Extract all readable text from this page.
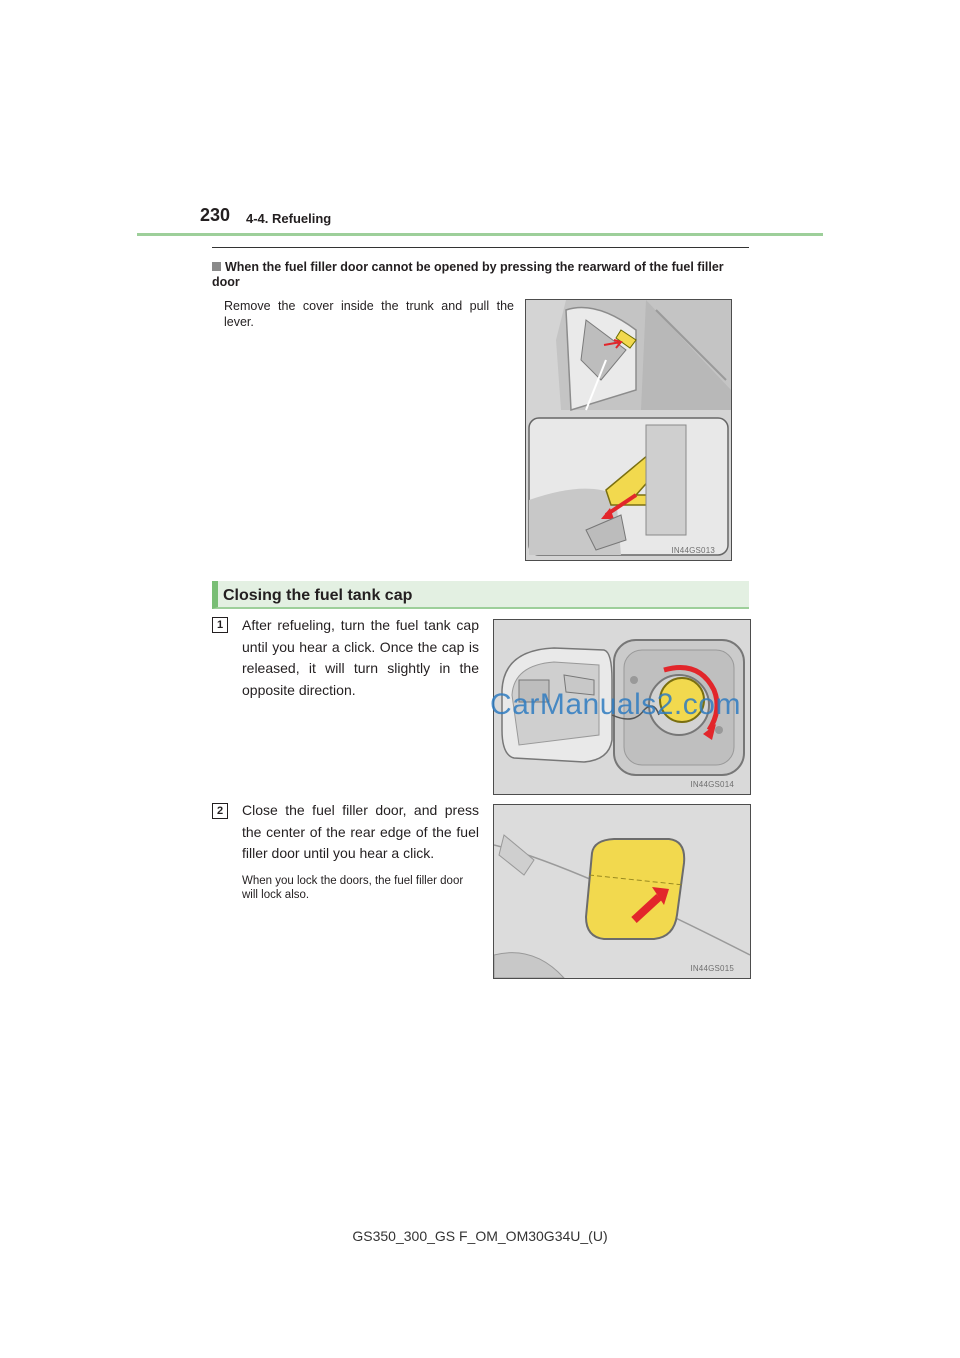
230 4-4. Refueling
When the fuel filler door cannot be opened by pressing the rearward of the fuel filler door
Remove the cover inside the trunk and pull the lever.
IN44GS013
Closing the fuel tank cap
1	After refueling, turn the fuel tank cap until you hear a click. Once the cap is released, it will turn slightly in the opposite direction.
IN44GS014
2	Close the fuel filler door, and press the center of the rear edge of the fuel filler door until you hear a click.
When you lock the doors, the fuel filler door will lock also.
IN44GS015
CarManuals2.com
GS350_300_GS F_OM_OM30G34U_(U)
